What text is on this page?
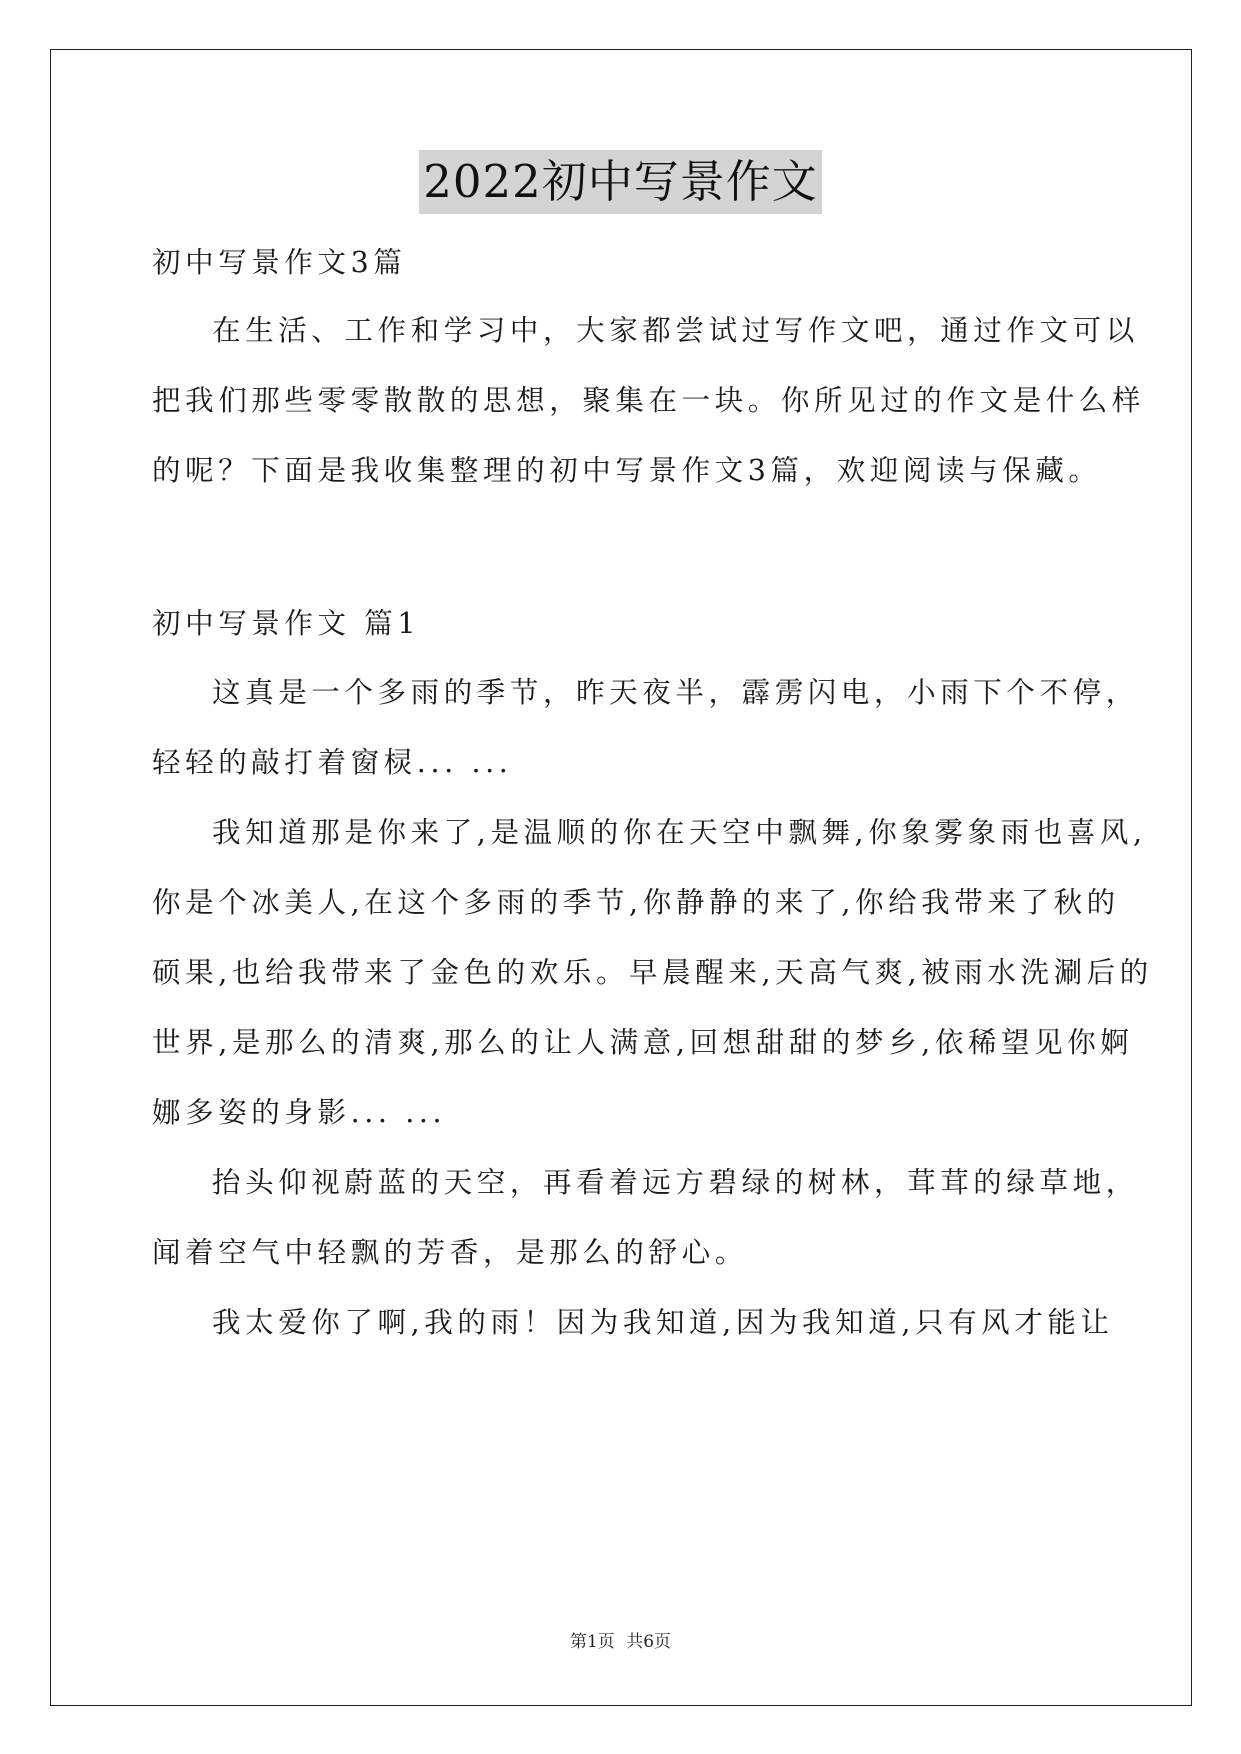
2022初中写景作文
初中写景作文3篇
在生活、工作和学习中，大家都尝试过写作文吧，通过作文可以
把我们那些零零散散的思想，聚集在一块。你所见过的作文是什么样
的呢？下面是我收集整理的初中写景作文3篇，欢迎阅读与保藏。
初中写景作文 篇1
这真是一个多雨的季节，昨天夜半，霹雳闪电，小雨下个不停，
轻轻的敲打着窗棂... ...
我知道那是你来了,是温顺的你在天空中飘舞,你象雾象雨也喜风,
你是个冰美人,在这个多雨的季节,你静静的来了,你给我带来了秋的
硕果,也给我带来了金色的欢乐。早晨醒来,天高气爽,被雨水洗涮后的
世界,是那么的清爽,那么的让人满意,回想甜甜的梦乡,依稀望见你婀
娜多姿的身影... ...
抬头仰视蔚蓝的天空，再看着远方碧绿的树林，茸茸的绿草地，
闻着空气中轻飘的芳香，是那么的舒心。
我太爱你了啊,我的雨！因为我知道,因为我知道,只有风才能让
第1页 共6页
